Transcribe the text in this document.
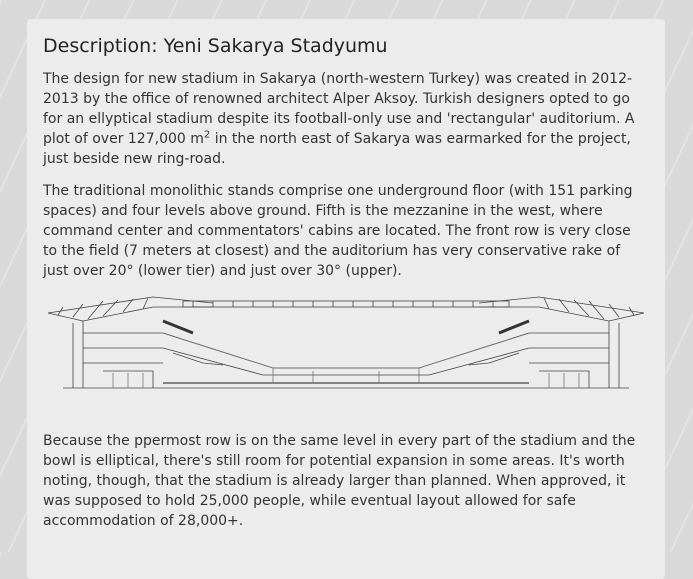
Description: Yeni Sakarya Stadyumu

The design for new stadium in Sakarya (north-western Turkey) was created in 2012-2013 by the office of renowned architect Alper Aksoy. Turkish designers opted to go for an ellyptical stadium despite its football-only use and 'rectangular' auditorium. A plot of over 127,000 $m^2$ in the north east of Sakarya was earmarked for the project, just beside new ring-road.

The traditional monolithic stands comprise one underground floor (with 151 parking spaces) and four levels above ground. Fifth is the mezzanine in the west, where command center and commentators' cabins are located. The front row is very close to the field (7 meters at closest) and the auditorium has very conservative rake of just over 20° (lower tier) and just over 30° (upper).

Because the ppermost row is on the same level in every part of the stadium and the bowl is elliptical, there's still room for potential expansion in some areas. It's worth noting, though, that the stadium is already larger than planned. When approved, it was supposed to hold 25,000 people, while eventual layout allowed for safe accommodation of 28,000+.
